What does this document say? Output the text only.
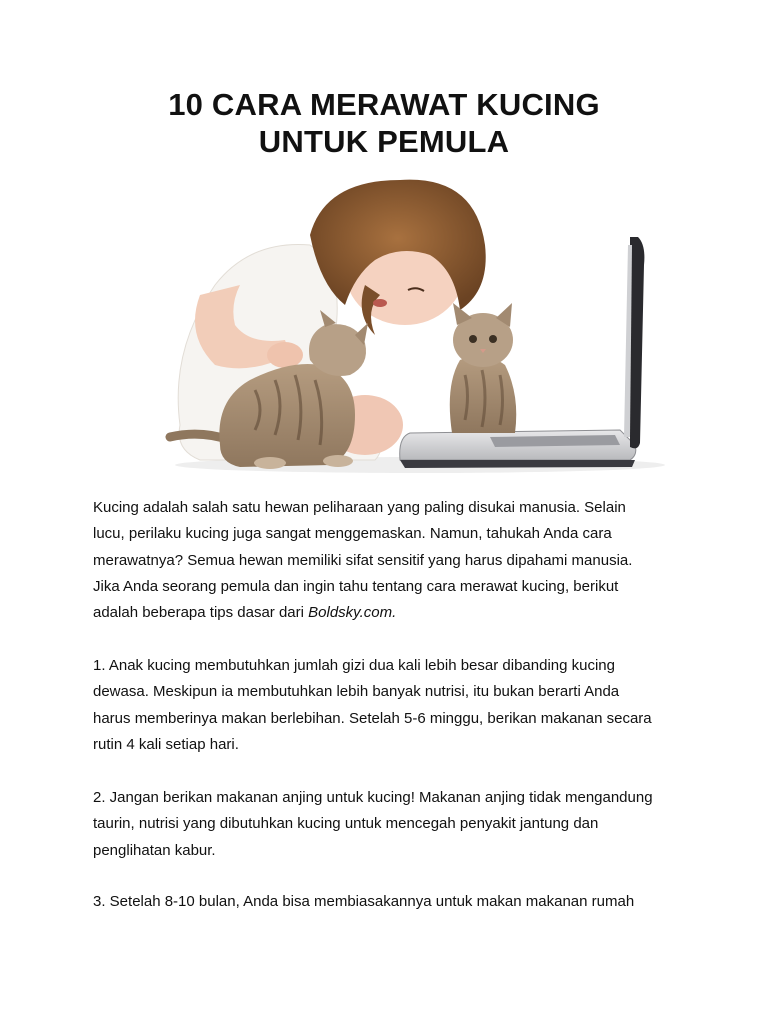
10 CARA MERAWAT KUCING
UNTUK PEMULA
Kucing adalah salah satu hewan peliharaan yang paling disukai manusia. Selain
lucu, perilaku kucing juga sangat menggemaskan. Namun, tahukah Anda cara
merawatnya? Semua hewan memiliki sifat sensitif yang harus dipahami manusia.
Jika Anda seorang pemula dan ingin tahu tentang cara merawat kucing, berikut
adalah beberapa tips dasar dari Boldsky.com.
1. Anak kucing membutuhkan jumlah gizi dua kali lebih besar dibanding kucing
dewasa. Meskipun ia membutuhkan lebih banyak nutrisi, itu bukan berarti Anda
harus memberinya makan berlebihan. Setelah 5-6 minggu, berikan makanan secara
rutin 4 kali setiap hari.
2. Jangan berikan makanan anjing untuk kucing! Makanan anjing tidak mengandung
taurin, nutrisi yang dibutuhkan kucing untuk mencegah penyakit jantung dan
penglihatan kabur.
3. Setelah 8-10 bulan, Anda bisa membiasakannya untuk makan makanan rumah
